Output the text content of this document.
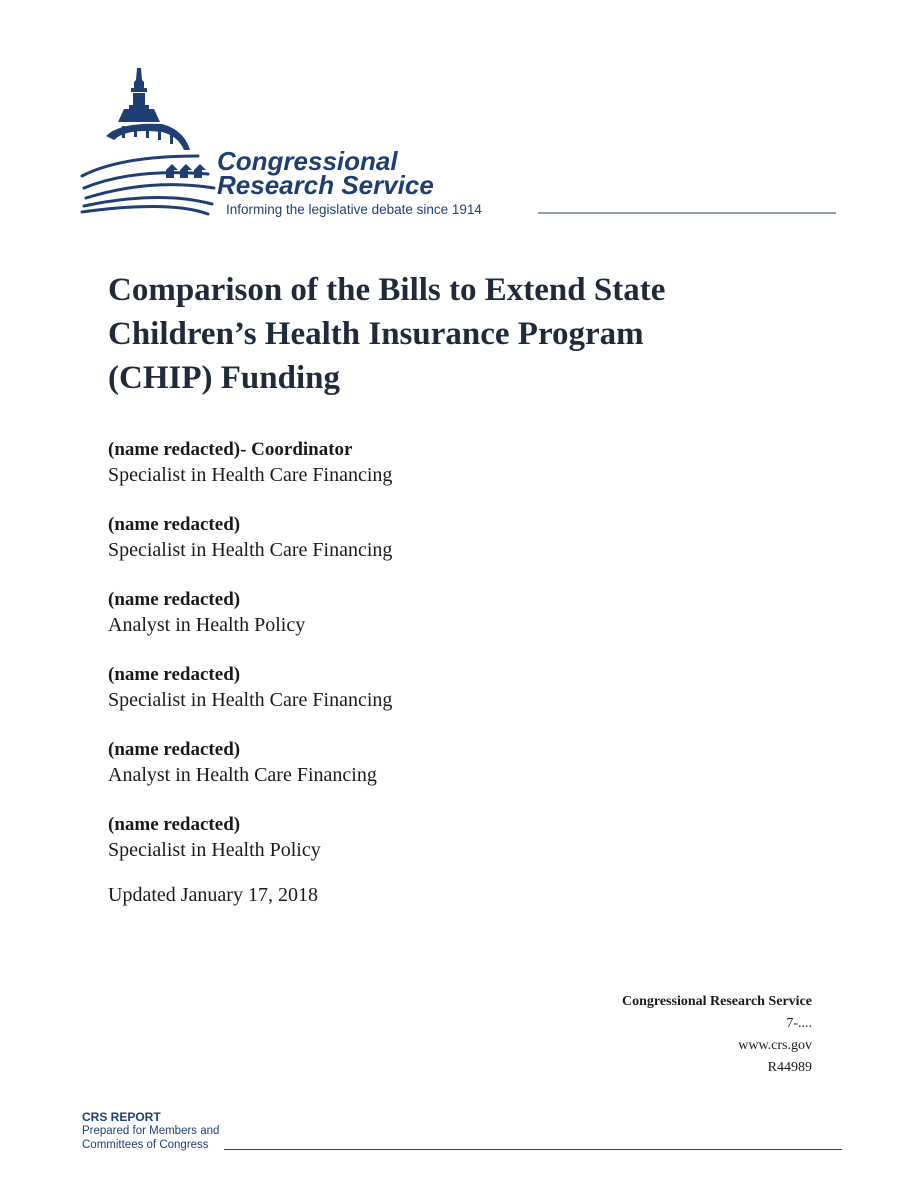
Congressional
Research Service
Informing the legislative debate since 1914
Comparison of the Bills to Extend State
Children’s Health Insurance Program
(CHIP) Funding
(name redacted)- Coordinator
Specialist in Health Care Financing
(name redacted)
Specialist in Health Care Financing
(name redacted)
Analyst in Health Policy
(name redacted)
Specialist in Health Care Financing
(name redacted)
Analyst in Health Care Financing
(name redacted)
Specialist in Health Policy
Updated January 17, 2018
Congressional Research Service
7-....
www.crs.gov
R44989
CRS REPORT
Prepared for Members and
Committees of Congress
